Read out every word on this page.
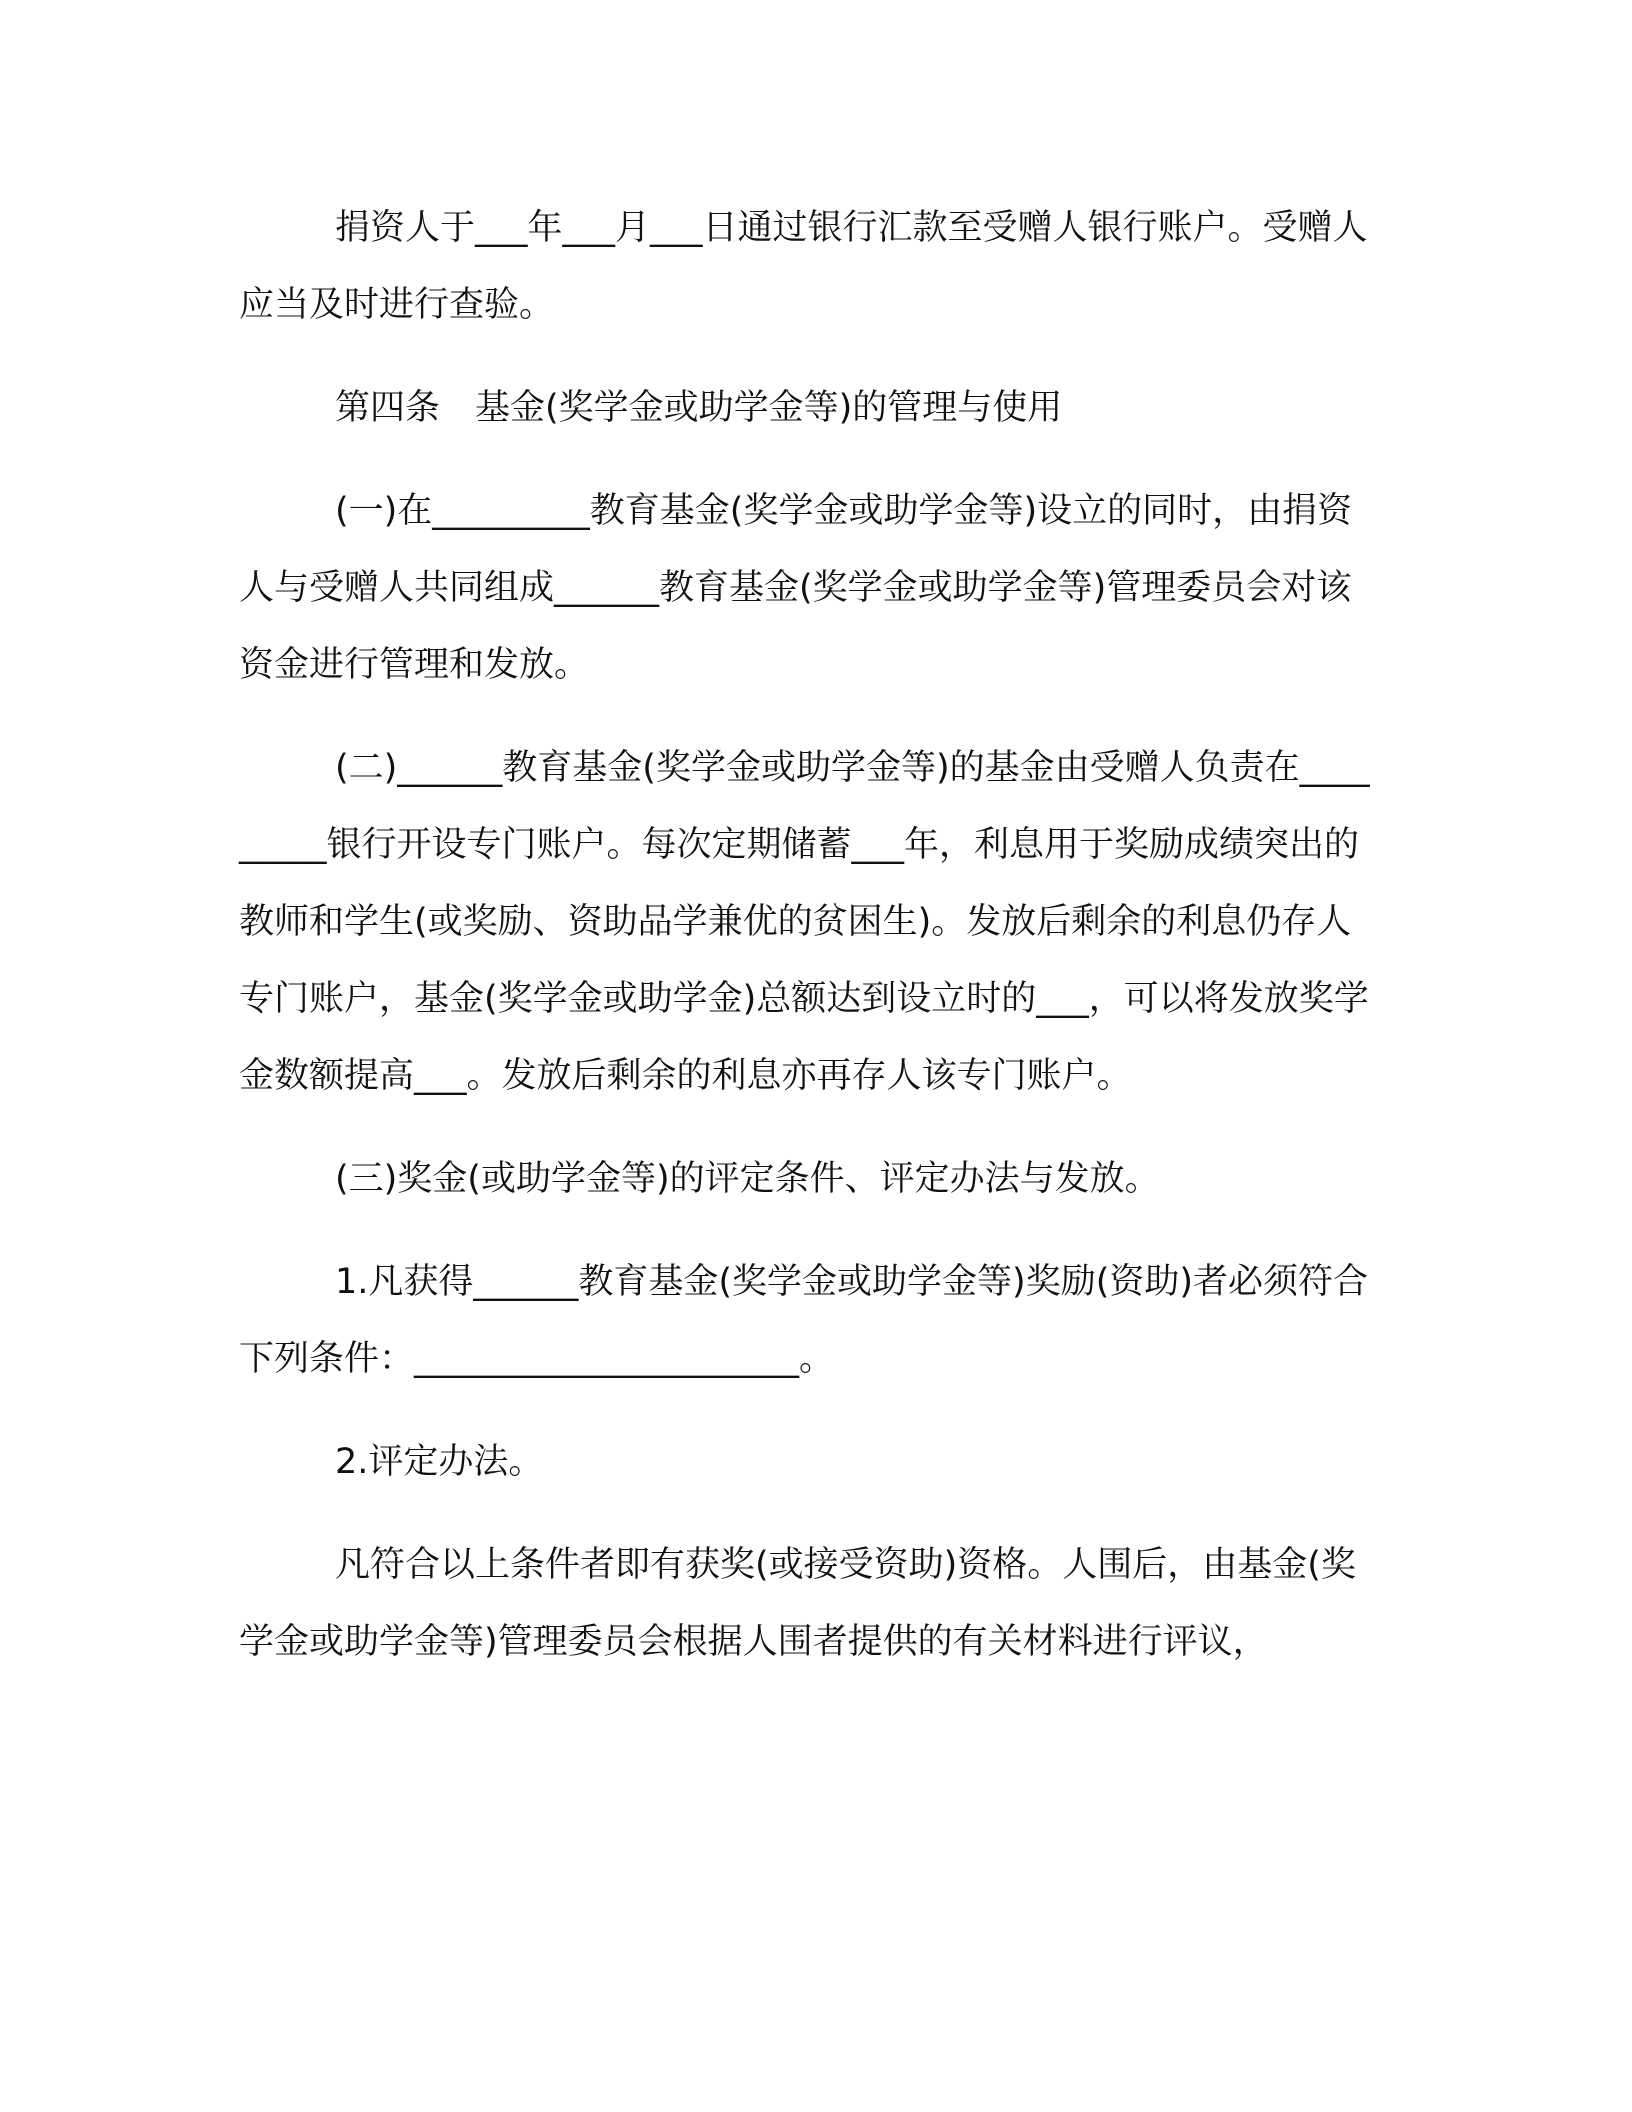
捐资人于___年___月___日通过银行汇款至受赠人银行账户。受赠人应当及时进行查验。

第四条　基金(奖学金或助学金等)的管理与使用

(一)在_________教育基金(奖学金或助学金等)设立的同时，由捐资人与受赠人共同组成______教育基金(奖学金或助学金等)管理委员会对该资金进行管理和发放。

(二)______教育基金(奖学金或助学金等)的基金由受赠人负责在_________银行开设专门账户。每次定期储蓄___年，利息用于奖励成绩突出的教师和学生(或奖励、资助品学兼优的贫困生)。发放后剩余的利息仍存人专门账户，基金(奖学金或助学金)总额达到设立时的___，可以将发放奖学金数额提高___。发放后剩余的利息亦再存人该专门账户。

(三)奖金(或助学金等)的评定条件、评定办法与发放。

1.凡获得______教育基金(奖学金或助学金等)奖励(资助)者必须符合下列条件：______________________。

2.评定办法。

凡符合以上条件者即有获奖(或接受资助)资格。人围后，由基金(奖学金或助学金等)管理委员会根据人围者提供的有关材料进行评议，
